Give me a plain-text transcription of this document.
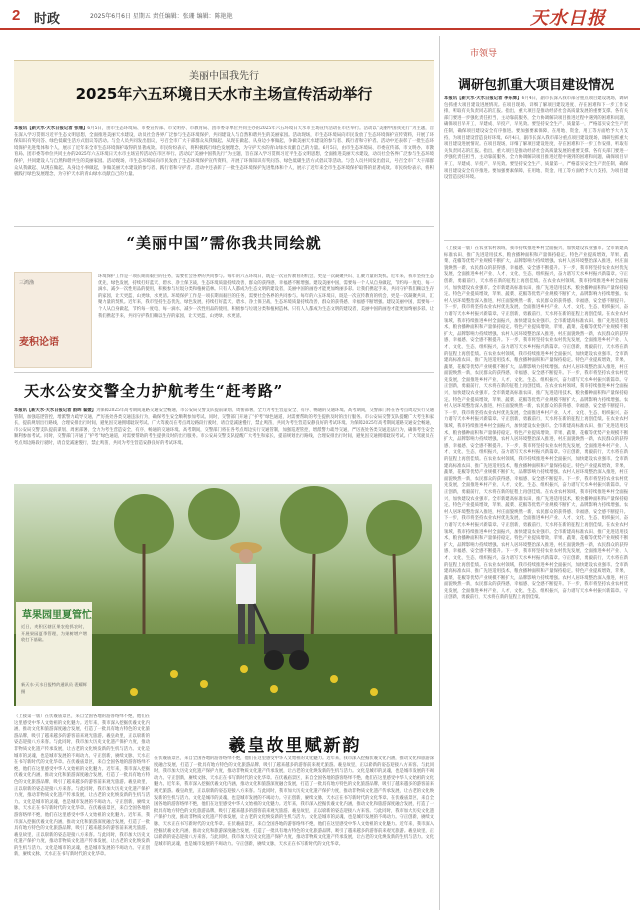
2 时政	2025年6月6日 星期五 责任编辑：张珊 编辑：陈艳艳	天水日报
美丽中国我先行
2025年六五环境日天水市主场宣传活动举行
本报讯【新天水·天水日报记者 张珊】6月5日，由市生态环境局、市委宣传部、市文明办、市教育局、团市委等单位共同主办的2025年六五环境日天水市主场宣传活动在市区举行。活动以“美丽中国我先行”为主题，旨在深入学习贯彻习近平生态文明思想，全面推进美丽天水建设，动员社会各界广泛参与生态环境保护，共同建设人与自然和谐共生的美丽家园。活动现场，市生态环境局向市民发放了生态环境保护宣传资料，开展了环保知识有奖问答、绿色低碳生活方式倡议等活动。与会人员共同发出倡议，号召全市广大干部群众从我做起、从现在做起、从身边小事做起，争做美丽天水建设的参与者、践行者和守护者。活动中还表彰了一批生态环境保护先进集体和个人，展示了近年来全市生态环境保护取得的显著成效。市民纷纷表示，将积极践行绿色发展理念，为守护天水的青山绿水贡献自己的力量。6月5日，由市生态环境局、市委宣传部、市文明办、市教育局、团市委等单位共同主办的2025年六五环境日天水市主场宣传活动在市区举行。活动以“美丽中国我先行”为主题，旨在深入学习贯彻习近平生态文明思想，全面推进美丽天水建设，动员社会各界广泛参与生态环境保护，共同建设人与自然和谐共生的美丽家园。活动现场，市生态环境局向市民发放了生态环境保护宣传资料，开展了环保知识有奖问答、绿色低碳生活方式倡议等活动。与会人员共同发出倡议，号召全市广大干部群众从我做起、从现在做起、从身边小事做起，争做美丽天水建设的参与者、践行者和守护者。活动中还表彰了一批生态环境保护先进集体和个人，展示了近年来全市生态环境保护取得的显著成效。市民纷纷表示，将积极践行绿色发展理念，为守护天水的青山绿水贡献自己的力量。
“美丽中国”需你我共同绘就
三鸿渔
麦积论语
环境保护工作是一项长期而艰巨的任务，需要社会各界的共同参与。每年的六五环境日，既是一次宣传教育的机会，更是一次凝聚共识、汇聚力量的契机。近年来，我市坚持生态优先、绿色发展，持续打好蓝天、碧水、净土保卫战，生态环境质量持续改善，群众的获得感、幸福感不断增强。建设美丽中国，需要每一个人从自身做起，节约每一度电、每一滴水，减少一次性用品的使用，积极参与垃圾分类和植树造林。只有人人都成为生态文明的建设者，美丽中国的画卷才能更加绚丽多彩。让我们携起手来，共同守护我们赖以生存的家园，让天更蓝、山更绿、水更清。环境保护工作是一项长期而艰巨的任务，需要社会各界的共同参与。每年的六五环境日，既是一次宣传教育的机会，更是一次凝聚共识、汇聚力量的契机。近年来，我市坚持生态优先、绿色发展，持续打好蓝天、碧水、净土保卫战，生态环境质量持续改善，群众的获得感、幸福感不断增强。建设美丽中国，需要每一个人从自身做起，节约每一度电、每一滴水，减少一次性用品的使用，积极参与垃圾分类和植树造林。只有人人都成为生态文明的建设者，美丽中国的画卷才能更加绚丽多彩。让我们携起手来，共同守护我们赖以生存的家园，让天更蓝、山更绿、水更清。
天水公安交警全力护航考生“赶考路”
本报讯【新天水·天水日报记者 韵晖 翟媛】为保障2025年高考期间道路交通安全畅通，市公安局交警支队提前谋划、周密部署，全力为考生营造安全、有序、畅通的交通环境。高考期间，交警部门将在各考点周边实行交通管制，加强巡逻管控，增派警力疏导交通，严厉查处各类交通违法行为，确保考生安全顺利参加考试。同时，交警部门开通了“护考”绿色通道，对需要帮助的考生提供及时的出行服务。市公安局交警支队提醒广大考生和家长，提前规划出行路线，合理安排出行时间，避免因交通拥堵耽误考试。广大驾驶员在考点周边路段行驶时，请自觉减速慢行，禁止鸣笛，共同为考生营造安静良好的考试环境。为保障2025年高考期间道路交通安全畅通，市公安局交警支队提前谋划、周密部署，全力为考生营造安全、有序、畅通的交通环境。高考期间，交警部门将在各考点周边实行交通管制，加强巡逻管控，增派警力疏导交通，严厉查处各类交通违法行为，确保考生安全顺利参加考试。同时，交警部门开通了“护考”绿色通道，对需要帮助的考生提供及时的出行服务。市公安局交警支队提醒广大考生和家长，提前规划出行路线，合理安排出行时间，避免因交通拥堵耽误考试。广大驾驶员在考点周边路段行驶时，请自觉减速慢行，禁止鸣笛，共同为考生营造安静良好的考试环境。
草果园里夏管忙
近日，麦积区辖区果农抢抓农时，开展果园夏季管理，为果树增产增收打下基础。
新天水·天水日报特约通讯员 裴耀辉 摄
羲皇故里赋新韵
（上接第一版）在伏羲庙景区，来自全国各地的游客络绎不绝，他们在这里感受中华人文始祖的文化魅力。近年来，我市深入挖掘伏羲文化内涵，推动文化和旅游深度融合发展，打造了一批具有地方特色的文化旅游品牌，吸引了越来越多的游客前来观光旅游。羲皇故里，正以崭新的姿态迎接八方来客。与此同时，我市加大历史文化遗产保护力度，推动非物质文化遗产传承发展，让古老的文化焕发新的生机与活力。文化是城市的灵魂，也是城市发展的不竭动力。守正创新，赓续文脉，天水正在书写新时代的文化华章。在伏羲庙景区，来自全国各地的游客络绎不绝，他们在这里感受中华人文始祖的文化魅力。近年来，我市深入挖掘伏羲文化内涵，推动文化和旅游深度融合发展，打造了一批具有地方特色的文化旅游品牌，吸引了越来越多的游客前来观光旅游。羲皇故里，正以崭新的姿态迎接八方来客。与此同时，我市加大历史文化遗产保护力度，推动非物质文化遗产传承发展，让古老的文化焕发新的生机与活力。文化是城市的灵魂，也是城市发展的不竭动力。守正创新，赓续文脉，天水正在书写新时代的文化华章。在伏羲庙景区，来自全国各地的游客络绎不绝，他们在这里感受中华人文始祖的文化魅力。近年来，我市深入挖掘伏羲文化内涵，推动文化和旅游深度融合发展，打造了一批具有地方特色的文化旅游品牌，吸引了越来越多的游客前来观光旅游。羲皇故里，正以崭新的姿态迎接八方来客。与此同时，我市加大历史文化遗产保护力度，推动非物质文化遗产传承发展，让古老的文化焕发新的生机与活力。文化是城市的灵魂，也是城市发展的不竭动力。守正创新，赓续文脉，天水正在书写新时代的文化华章。
在伏羲庙景区，来自全国各地的游客络绎不绝，他们在这里感受中华人文始祖的文化魅力。近年来，我市深入挖掘伏羲文化内涵，推动文化和旅游深度融合发展，打造了一批具有地方特色的文化旅游品牌，吸引了越来越多的游客前来观光旅游。羲皇故里，正以崭新的姿态迎接八方来客。与此同时，我市加大历史文化遗产保护力度，推动非物质文化遗产传承发展，让古老的文化焕发新的生机与活力。文化是城市的灵魂，也是城市发展的不竭动力。守正创新，赓续文脉，天水正在书写新时代的文化华章。在伏羲庙景区，来自全国各地的游客络绎不绝，他们在这里感受中华人文始祖的文化魅力。近年来，我市深入挖掘伏羲文化内涵，推动文化和旅游深度融合发展，打造了一批具有地方特色的文化旅游品牌，吸引了越来越多的游客前来观光旅游。羲皇故里，正以崭新的姿态迎接八方来客。与此同时，我市加大历史文化遗产保护力度，推动非物质文化遗产传承发展，让古老的文化焕发新的生机与活力。文化是城市的灵魂，也是城市发展的不竭动力。守正创新，赓续文脉，天水正在书写新时代的文化华章。在伏羲庙景区，来自全国各地的游客络绎不绝，他们在这里感受中华人文始祖的文化魅力。近年来，我市深入挖掘伏羲文化内涵，推动文化和旅游深度融合发展，打造了一批具有地方特色的文化旅游品牌，吸引了越来越多的游客前来观光旅游。羲皇故里，正以崭新的姿态迎接八方来客。与此同时，我市加大历史文化遗产保护力度，推动非物质文化遗产传承发展，让古老的文化焕发新的生机与活力。文化是城市的灵魂，也是城市发展的不竭动力。守正创新，赓续文脉，天水正在书写新时代的文化华章。在伏羲庙景区，来自全国各地的游客络绎不绝，他们在这里感受中华人文始祖的文化魅力。近年来，我市深入挖掘伏羲文化内涵，推动文化和旅游深度融合发展，打造了一批具有地方特色的文化旅游品牌，吸引了越来越多的游客前来观光旅游。羲皇故里，正以崭新的姿态迎接八方来客。与此同时，我市加大历史文化遗产保护力度，推动非物质文化遗产传承发展，让古老的文化焕发新的生机与活力。文化是城市的灵魂，也是城市发展的不竭动力。守正创新，赓续文脉，天水正在书写新时代的文化华章。
市领导
调研包抓重大项目建设情况
本报讯【新天水·天水日报记者 李东辉】6月4日，副市长深入我市部分重点项目建设现场，调研包抓重大项目建设进展情况。在项目现场，详细了解项目建设进度、存在困难和下一步工作安排，听取有关负责同志的汇报。指出，重大项目是推动经济社会高质量发展的重要支撑。各有关部门要进一步强化责任担当，主动靠前服务，全力协调解决项目推进过程中遇到的困难和问题，确保项目早开工、早建成、早投产、早见效。要坚持安全生产、质量第一，严格落实安全生产责任制，确保项目建设安全有序推进。要加强要素保障，在用地、资金、用工等方面给予大力支持，为项目建设营造良好环境。6月4日，副市长深入我市部分重点项目建设现场，调研包抓重大项目建设进展情况。在项目现场，详细了解项目建设进度、存在困难和下一步工作安排，听取有关负责同志的汇报。指出，重大项目是推动经济社会高质量发展的重要支撑。各有关部门要进一步强化责任担当，主动靠前服务，全力协调解决项目推进过程中遇到的困难和问题，确保项目早开工、早建成、早投产、早见效。要坚持安全生产、质量第一，严格落实安全生产责任制，确保项目建设安全有序推进。要加强要素保障，在用地、资金、用工等方面给予大力支持，为项目建设营造良好环境。
（上接第一版）在农业农村领域，我市持续推进乡村全面振兴，加快建设农业强市。全市新建高标准农田、推广先进适用技术，粮食播种面积和产量保持稳定。特色产业提质增效，苹果、蔬菜、花椒等优势产业规模不断扩大，品牌影响力持续增强。农村人居环境整治深入推进，村庄面貌焕然一新，农民群众的获得感、幸福感、安全感不断提升。下一步，我市将坚持农业农村优先发展，全面推进乡村产业、人才、文化、生态、组织振兴，奋力谱写天水乡村振兴新篇章。守正创新，勇毅前行，天水将在新的征程上再创佳绩。在农业农村领域，我市持续推进乡村全面振兴，加快建设农业强市。全市新建高标准农田、推广先进适用技术，粮食播种面积和产量保持稳定。特色产业提质增效，苹果、蔬菜、花椒等优势产业规模不断扩大，品牌影响力持续增强。农村人居环境整治深入推进，村庄面貌焕然一新，农民群众的获得感、幸福感、安全感不断提升。下一步，我市将坚持农业农村优先发展，全面推进乡村产业、人才、文化、生态、组织振兴，奋力谱写天水乡村振兴新篇章。守正创新，勇毅前行，天水将在新的征程上再创佳绩。在农业农村领域，我市持续推进乡村全面振兴，加快建设农业强市。全市新建高标准农田、推广先进适用技术，粮食播种面积和产量保持稳定。特色产业提质增效，苹果、蔬菜、花椒等优势产业规模不断扩大，品牌影响力持续增强。农村人居环境整治深入推进，村庄面貌焕然一新，农民群众的获得感、幸福感、安全感不断提升。下一步，我市将坚持农业农村优先发展，全面推进乡村产业、人才、文化、生态、组织振兴，奋力谱写天水乡村振兴新篇章。守正创新，勇毅前行，天水将在新的征程上再创佳绩。在农业农村领域，我市持续推进乡村全面振兴，加快建设农业强市。全市新建高标准农田、推广先进适用技术，粮食播种面积和产量保持稳定。特色产业提质增效，苹果、蔬菜、花椒等优势产业规模不断扩大，品牌影响力持续增强。农村人居环境整治深入推进，村庄面貌焕然一新，农民群众的获得感、幸福感、安全感不断提升。下一步，我市将坚持农业农村优先发展，全面推进乡村产业、人才、文化、生态、组织振兴，奋力谱写天水乡村振兴新篇章。守正创新，勇毅前行，天水将在新的征程上再创佳绩。在农业农村领域，我市持续推进乡村全面振兴，加快建设农业强市。全市新建高标准农田、推广先进适用技术，粮食播种面积和产量保持稳定。特色产业提质增效，苹果、蔬菜、花椒等优势产业规模不断扩大，品牌影响力持续增强。农村人居环境整治深入推进，村庄面貌焕然一新，农民群众的获得感、幸福感、安全感不断提升。下一步，我市将坚持农业农村优先发展，全面推进乡村产业、人才、文化、生态、组织振兴，奋力谱写天水乡村振兴新篇章。守正创新，勇毅前行，天水将在新的征程上再创佳绩。在农业农村领域，我市持续推进乡村全面振兴，加快建设农业强市。全市新建高标准农田、推广先进适用技术，粮食播种面积和产量保持稳定。特色产业提质增效，苹果、蔬菜、花椒等优势产业规模不断扩大，品牌影响力持续增强。农村人居环境整治深入推进，村庄面貌焕然一新，农民群众的获得感、幸福感、安全感不断提升。下一步，我市将坚持农业农村优先发展，全面推进乡村产业、人才、文化、生态、组织振兴，奋力谱写天水乡村振兴新篇章。守正创新，勇毅前行，天水将在新的征程上再创佳绩。在农业农村领域，我市持续推进乡村全面振兴，加快建设农业强市。全市新建高标准农田、推广先进适用技术，粮食播种面积和产量保持稳定。特色产业提质增效，苹果、蔬菜、花椒等优势产业规模不断扩大，品牌影响力持续增强。农村人居环境整治深入推进，村庄面貌焕然一新，农民群众的获得感、幸福感、安全感不断提升。下一步，我市将坚持农业农村优先发展，全面推进乡村产业、人才、文化、生态、组织振兴，奋力谱写天水乡村振兴新篇章。守正创新，勇毅前行，天水将在新的征程上再创佳绩。在农业农村领域，我市持续推进乡村全面振兴，加快建设农业强市。全市新建高标准农田、推广先进适用技术，粮食播种面积和产量保持稳定。特色产业提质增效，苹果、蔬菜、花椒等优势产业规模不断扩大，品牌影响力持续增强。农村人居环境整治深入推进，村庄面貌焕然一新，农民群众的获得感、幸福感、安全感不断提升。下一步，我市将坚持农业农村优先发展，全面推进乡村产业、人才、文化、生态、组织振兴，奋力谱写天水乡村振兴新篇章。守正创新，勇毅前行，天水将在新的征程上再创佳绩。在农业农村领域，我市持续推进乡村全面振兴，加快建设农业强市。全市新建高标准农田、推广先进适用技术，粮食播种面积和产量保持稳定。特色产业提质增效，苹果、蔬菜、花椒等优势产业规模不断扩大，品牌影响力持续增强。农村人居环境整治深入推进，村庄面貌焕然一新，农民群众的获得感、幸福感、安全感不断提升。下一步，我市将坚持农业农村优先发展，全面推进乡村产业、人才、文化、生态、组织振兴，奋力谱写天水乡村振兴新篇章。守正创新，勇毅前行，天水将在新的征程上再创佳绩。在农业农村领域，我市持续推进乡村全面振兴，加快建设农业强市。全市新建高标准农田、推广先进适用技术，粮食播种面积和产量保持稳定。特色产业提质增效，苹果、蔬菜、花椒等优势产业规模不断扩大，品牌影响力持续增强。农村人居环境整治深入推进，村庄面貌焕然一新，农民群众的获得感、幸福感、安全感不断提升。下一步，我市将坚持农业农村优先发展，全面推进乡村产业、人才、文化、生态、组织振兴，奋力谱写天水乡村振兴新篇章。守正创新，勇毅前行，天水将在新的征程上再创佳绩。
